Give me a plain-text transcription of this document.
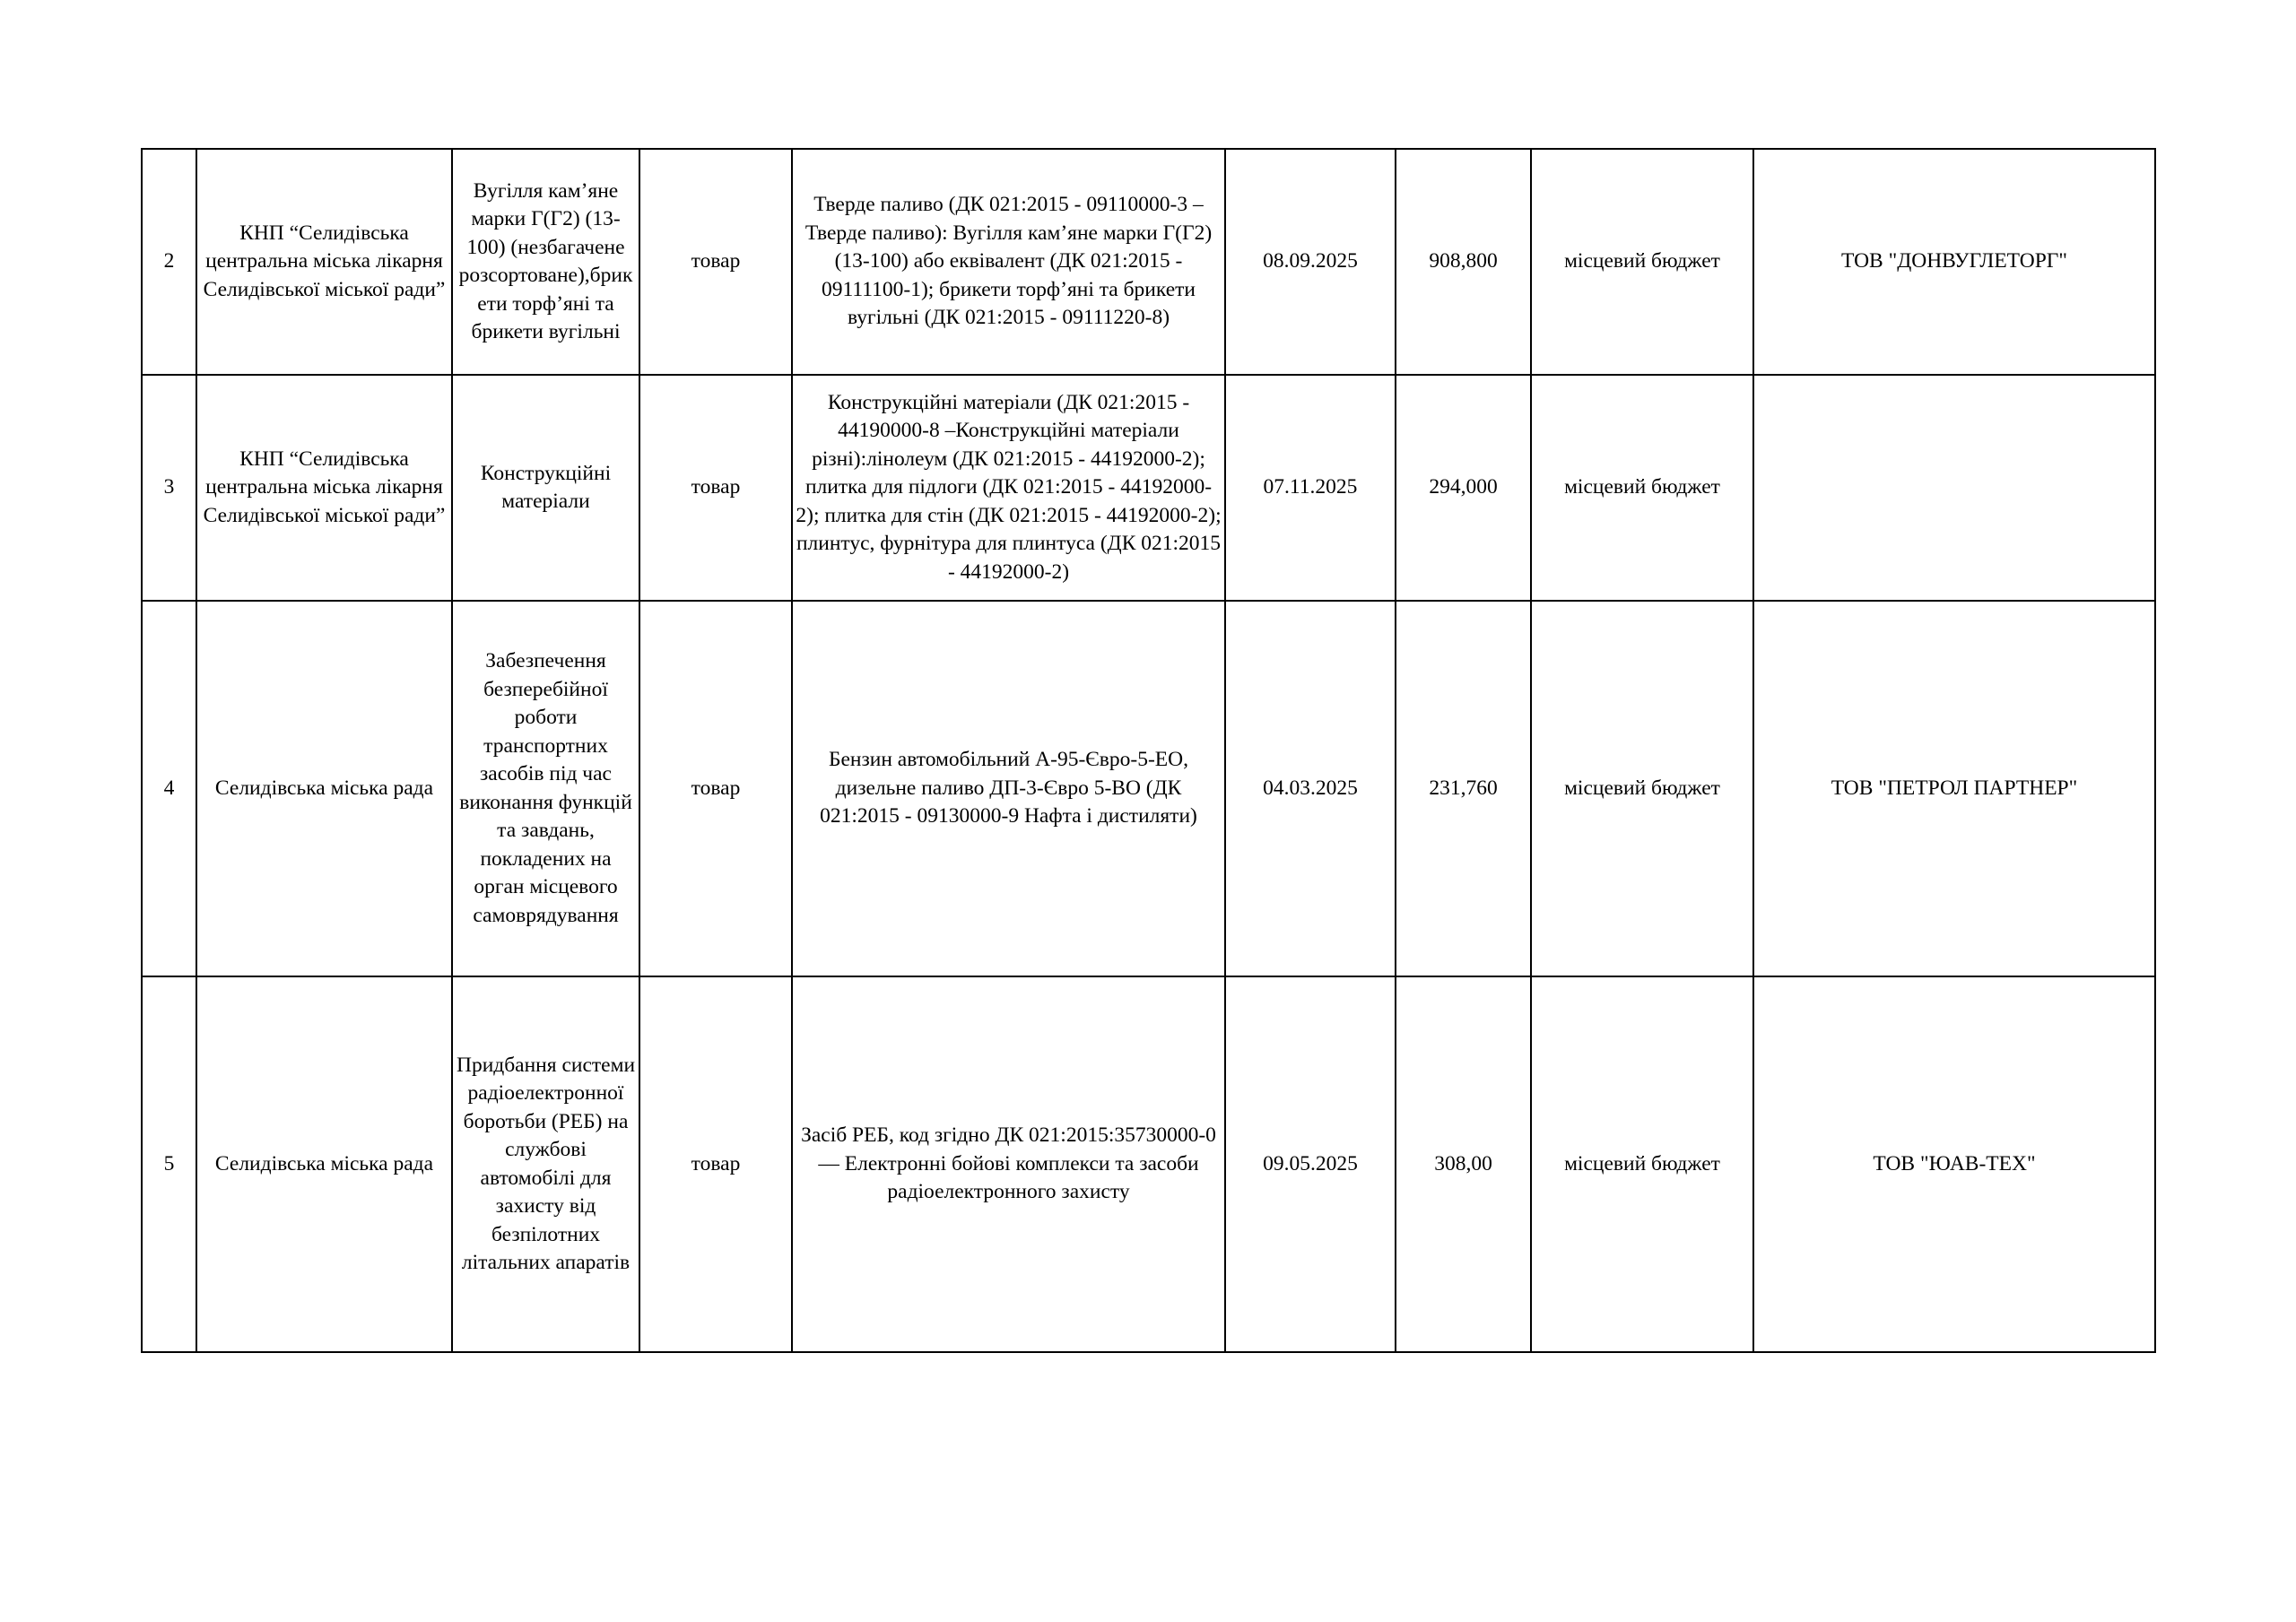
2	КНП “Селидівська центральна міська лікарня Селидівської міської ради”	Вугілля кам’яне марки Г(Г2) (13-100) (незбагачене розсортоване),брикети торф’яні та брикети вугільні	товар	Тверде паливо (ДК 021:2015 - 09110000-3 – Тверде паливо): Вугілля кам’яне марки Г(Г2) (13-100) або еквівалент (ДК 021:2015 - 09111100-1); брикети торф’яні та брикети вугільні (ДК 021:2015 - 09111220-8)	08.09.2025	908,800	місцевий бюджет	ТОВ "ДОНВУГЛЕТОРГ"
3	КНП “Селидівська центральна міська лікарня Селидівської міської ради”	Конструкційні матеріали	товар	Конструкційні матеріали (ДК 021:2015 - 44190000-8 –Конструкційні матеріали різні):лінолеум (ДК 021:2015 - 44192000-2); плитка для підлоги (ДК 021:2015 - 44192000-2); плитка для стін (ДК 021:2015 - 44192000-2); плинтус, фурнітура для плинтуса (ДК 021:2015 - 44192000-2)	07.11.2025	294,000	місцевий бюджет	
4	Селидівська міська рада	Забезпечення безперебійної роботи транспортних засобів під час виконання функцій та завдань, покладених на орган місцевого самоврядування	товар	Бензин автомобільний А-95-Євро-5-ЕО, дизельне паливо ДП-3-Євро 5-ВО (ДК 021:2015 - 09130000-9 Нафта і дистиляти)	04.03.2025	231,760	місцевий бюджет	ТОВ "ПЕТРОЛ ПАРТНЕР"
5	Селидівська міська рада	Придбання системи радіоелектронної боротьби (РЕБ) на службові автомобілі для захисту від безпілотних літальних апаратів	товар	Засіб РЕБ, код згідно ДК 021:2015:35730000-0 — Електронні бойові комплекси та засоби радіоелектронного захисту	09.05.2025	308,00	місцевий бюджет	ТОВ "ЮАВ-ТЕХ"
